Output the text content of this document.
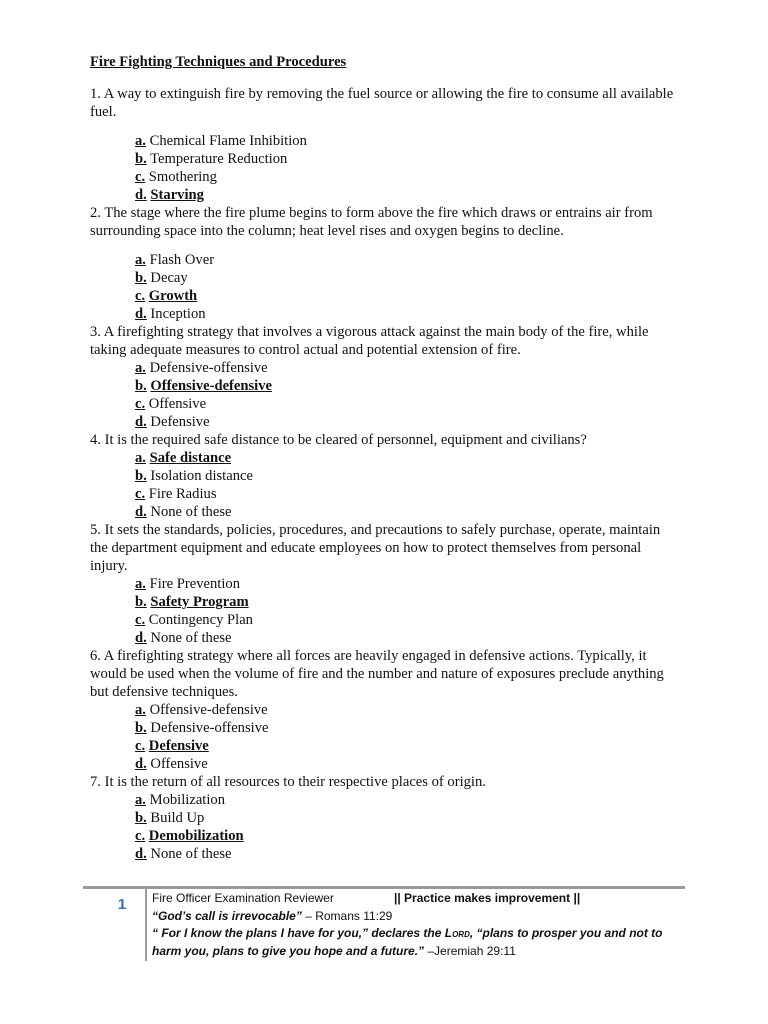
Fire Fighting Techniques and Procedures

1. A way to extinguish fire by removing the fuel source or allowing the fire to consume all available fuel.

a. Chemical Flame Inhibition
b. Temperature Reduction
c. Smothering
d. Starving

2. The stage where the fire plume begins to form above the fire which draws or entrains air from surrounding space into the column; heat level rises and oxygen begins to decline.

a. Flash Over
b. Decay
c. Growth
d. Inception

3. A firefighting strategy that involves a vigorous attack against the main body of the fire, while taking adequate measures to control actual and potential extension of fire.

a. Defensive-offensive
b. Offensive-defensive
c. Offensive
d. Defensive

4. It is the required safe distance to be cleared of personnel, equipment and civilians?

a. Safe distance
b. Isolation distance
c. Fire Radius
d. None of these

5. It sets the standards, policies, procedures, and precautions to safely purchase, operate, maintain the department equipment and educate employees on how to protect themselves from personal injury.

a. Fire Prevention
b. Safety Program
c. Contingency Plan
d. None of these

6. A firefighting strategy where all forces are heavily engaged in defensive actions. Typically, it would be used when the volume of fire and the number and nature of exposures preclude anything but defensive techniques.

a. Offensive-defensive
b. Defensive-offensive
c. Defensive
d. Offensive

7. It is the return of all resources to their respective places of origin.

a. Mobilization
b. Build Up
c. Demobilization
d. None of these
1	Fire Officer Examination Reviewer	|| Practice makes improvement ||
“God’s call is irrevocable” – Romans 11:29
“ For I know the plans I have for you,” declares the Lord, “plans to prosper you and not to harm you, plans to give you hope and a future.” –Jeremiah 29:11
